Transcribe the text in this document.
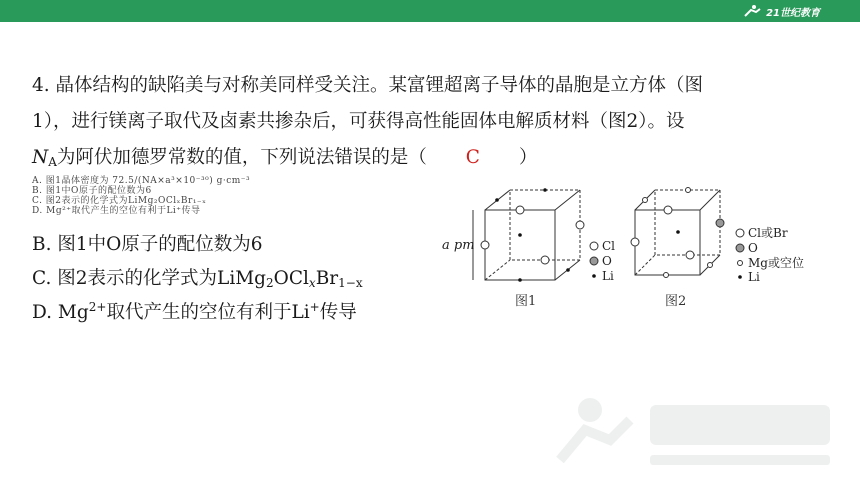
21世纪教育
4. 晶体结构的缺陷美与对称美同样受关注。某富锂超离子导体的晶胞是立方体（图
1），进行镁离子取代及卤素共掺杂后，可获得高性能固体电解质材料（图2）。设
$N_A$为阿伏加德罗常数的值，下列说法错误的是（ C ）
A. 图1晶体密度为 72.5/(NA×a³×10⁻³⁰) g·cm⁻³
B. 图1中O原子的配位数为6
C. 图2表示的化学式为LiMg₂OClₓBr₁₋ₓ
D. Mg²⁺取代产生的空位有利于Li⁺传导
B. 图1中O原子的配位数为6
C. 图2表示的化学式为$LiMg_2OCl_xBr_{1-x}$
D. $Mg^{2+}$取代产生的空位有利于Li+传导
a pm	Cl
O
Li
图1
Cl或Br
O
Mg或空位
Li
图2
